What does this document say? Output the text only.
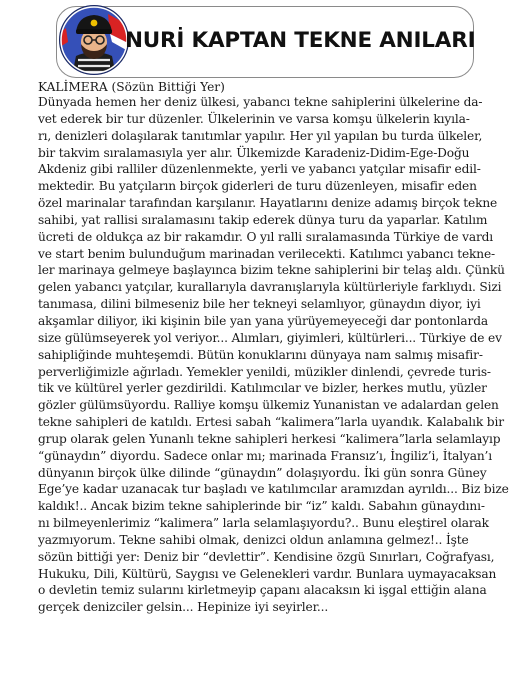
NURİ KAPTAN TEKNE ANILARI

KALİMERA (Sözün Bittiği Yer)

Dünyada hemen her deniz ülkesi, yabancı tekne sahiplerini ülkelerine da-

vet ederek bir tur düzenler. Ülkelerinin ve varsa komşu ülkelerin kıyıla-

rı, denizleri dolaşılarak tanıtımlar yapılır. Her yıl yapılan bu turda ülkeler,

bir takvim sıralamasıyla yer alır. Ülkemizde Karadeniz-Didim-Ege-Doğu

Akdeniz gibi ralliler düzenlenmekte, yerli ve yabancı yatçılar misafir edil-

mektedir. Bu yatçıların birçok giderleri de turu düzenleyen, misafir eden

özel marinalar tarafından karşılanır. Hayatlarını denize adamış birçok tekne

sahibi, yat rallisi sıralamasını takip ederek dünya turu da yaparlar. Katılım

ücreti de oldukça az bir rakamdır. O yıl ralli sıralamasında Türkiye de vardı

ve start benim bulunduğum marinadan verilecekti. Katılımcı yabancı tekne-

ler marinaya gelmeye başlayınca bizim tekne sahiplerini bir telaş aldı. Çünkü

gelen yabancı yatçılar, kurallarıyla davranışlarıyla kültürleriyle farklıydı. Sizi

tanımasa, dilini bilmeseniz bile her tekneyi selamlıyor, günaydın diyor, iyi

akşamlar diliyor, iki kişinin bile yan yana yürüyemeyeceği dar pontonlarda

size gülümseyerek yol veriyor... Alımları, giyimleri, kültürleri... Türkiye de ev

sahipliğinde muhteşemdi. Bütün konuklarını dünyaya nam salmış misafir-

perverliğimizle ağırladı. Yemekler yenildi, müzikler dinlendi, çevrede turis-

tik ve kültürel yerler gezdirildi. Katılımcılar ve bizler, herkes mutlu, yüzler

gözler gülümsüyordu. Ralliye komşu ülkemiz Yunanistan ve adalardan gelen

tekne sahipleri de katıldı. Ertesi sabah “kalimera”larla uyandık. Kalabalık bir

grup olarak gelen Yunanlı tekne sahipleri herkesi “kalimera”larla selamlayıp

“günaydın” diyordu. Sadece onlar mı; marinada Fransız’ı, İngiliz’i, İtalyan’ı

dünyanın birçok ülke dilinde “günaydın” dolaşıyordu. İki gün sonra Güney

Ege’ye kadar uzanacak tur başladı ve katılımcılar aramızdan ayrıldı... Biz bize

kaldık!.. Ancak bizim tekne sahiplerinde bir “iz” kaldı. Sabahın günaydını-

nı bilmeyenlerimiz “kalimera” larla selamlaşıyordu?.. Bunu eleştirel olarak

yazmıyorum. Tekne sahibi olmak, denizci oldun anlamına gelmez!.. İşte

sözün bittiği yer: Deniz bir “devlettir”. Kendisine özgü Sınırları, Coğrafyası,

Hukuku, Dili, Kültürü, Saygısı ve Gelenekleri vardır. Bunlara uymayacaksan

o devletin temiz sularını kirletmeyip çapanı alacaksın ki işgal ettiğin alana

gerçek denizciler gelsin... Hepinize iyi seyirler...
